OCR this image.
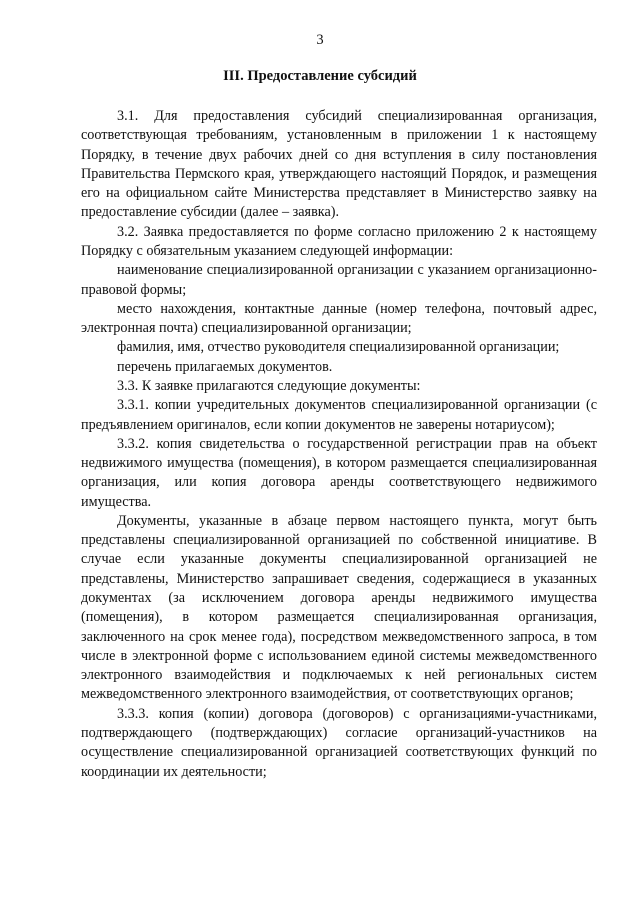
3
III. Предоставление субсидий

3.1. Для предоставления субсидий специализированная организация, соответствующая требованиям, установленным в приложении 1 к настоящему Порядку, в течение двух рабочих дней со дня вступления в силу постановления Правительства Пермского края, утверждающего настоящий Порядок, и размещения его на официальном сайте Министерства представляет в Министерство заявку на предоставление субсидии (далее – заявка).

3.2. Заявка предоставляется по форме согласно приложению 2 к настоящему Порядку с обязательным указанием следующей информации:

наименование специализированной организации с указанием организационно-правовой формы;

место нахождения, контактные данные (номер телефона, почтовый адрес, электронная почта) специализированной организации;

фамилия, имя, отчество руководителя специализированной организации;

перечень прилагаемых документов.

3.3. К заявке прилагаются следующие документы:

3.3.1. копии учредительных документов специализированной организации (с предъявлением оригиналов, если копии документов не заверены нотариусом);

3.3.2. копия свидетельства о государственной регистрации прав на объект недвижимого имущества (помещения), в котором размещается специализированная организация, или копия договора аренды соответствующего недвижимого имущества.

Документы, указанные в абзаце первом настоящего пункта, могут быть представлены специализированной организацией по собственной инициативе. В случае если указанные документы специализированной организацией не представлены, Министерство запрашивает сведения, содержащиеся в указанных документах (за исключением договора аренды недвижимого имущества (помещения), в котором размещается специализированная организация, заключенного на срок менее года), посредством межведомственного запроса, в том числе в электронной форме с использованием единой системы межведомственного электронного взаимодействия и подключаемых к ней региональных систем межведомственного электронного взаимодействия, от соответствующих органов;

3.3.3. копия (копии) договора (договоров) с организациями-участниками, подтверждающего (подтверждающих) согласие организаций-участников на осуществление специализированной организацией соответствующих функций по координации их деятельности;
